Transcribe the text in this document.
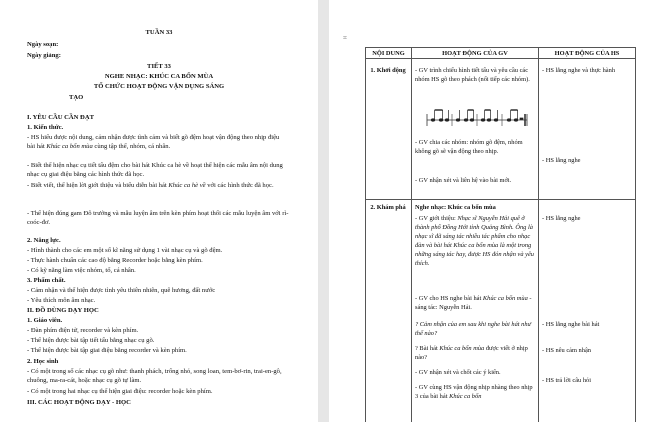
TUẦN 33
Ngày soạn:
Ngày giảng:
TIẾT 33
NGHE NHẠC: KHÚC CA BỐN MÙA
TỔ CHỨC HOẠT ĐỘNG VẬN DỤNG SÁNG
TẠO
I. YÊU CẦU CẦN ĐẠT
1. Kiến thức.
- HS hiểu được nội dung, cảm nhận được tình cảm và biết gõ đệm hoạt vận động theo nhịp điệu bài hát Khúc ca bốn mùa cùng tập thể, nhóm, cá nhân.
- Biết thể hiện nhạc cụ tiết tấu đệm cho bài hát Khúc ca hè về hoạt thể hiện các mẫu âm nội dung nhạc cụ giai điệu bằng các hình thức đã học.
- Biết viết, thể hiện lời giới thiệu và biểu diễn bài hát Khúc ca hè về với các hình thức đã học.
- Thể hiện đúng gam Đô trưởng và mẫu luyện âm trên kèn phím hoạt thổi các mẫu luyện âm với rì-coóc-đơ.
2. Năng lực.
- Hình thành cho các em một số kĩ năng sử dụng 1 vài nhạc cụ và gõ đệm.
- Thực hành chuẩn các cao độ bằng Recorder hoặc bằng kèn phím.
- Có kỹ năng làm việc nhóm, tổ, cá nhân.
3. Phẩm chất.
- Cảm nhận và thể hiện được tình yêu thiên nhiên, quê hương, đất nước
- Yêu thích môn âm nhạc.
II. ĐỒ DÙNG DẠY HỌC
1. Giáo viên.
- Đàn phím điện tử, recorder và kèn phím.
- Thể hiện được bài tập tiết tấu bằng nhạc cụ gõ.
- Thể hiện được bài tập giai điệu bằng recorder và kèn phím.
2. Học sinh
- Có một trong số các nhạc cụ gõ như: thanh phách, trống nhỏ, song loan, tem-bơ-rin, trai-en-gô, chuông, ma-ra-cát, hoặc nhạc cụ gõ tự làm.
- Có một trong hai nhạc cụ thể hiện giai điệu: recorder hoặc kèn phím.
III. CÁC HOẠT ĐỘNG DẠY - HỌC
⌗
NỘI DUNG	HOẠT ĐỘNG CỦA GV	HOẠT ĐỘNG CỦA HS
1. Khởi động - GV trình chiếu hình tiết tấu và yêu cầu các nhóm HS gõ theo phách (nối tiếp các nhóm).
- GV chia các nhóm: nhóm gõ đệm, nhóm không gõ sẽ vận động theo nhịp.
- GV nhận xét và liên hệ vào bài mới.
- HS lắng nghe và thực hành
- HS lắng nghe
2. Khám phá Nghe nhạc: Khúc ca bốn mùa
- GV giới thiệu: Nhạc sĩ Nguyễn Hải quê ở thành phố Đồng Hới tỉnh Quảng Bình. Ông là nhạc sĩ đã sáng tác nhiều tác phẩm cho nhạc đàn và bài hát Khúc ca bốn mùa là một trong những sáng tác hay, được HS đón nhận và yêu thích.
- GV cho HS nghe bài hát Khúc ca bốn mùa - sáng tác: Nguyễn Hải.
? Cảm nhận của em sau khi nghe bài hát như thế nào?
? Bài hát Khúc ca bốn mùa được viết ở nhịp nào?
- GV nhận xét và chốt các ý kiến.
- GV cùng HS vận động nhịp nhàng theo nhịp 3 của bài hát Khúc ca bốn
- HS lắng nghe
- HS lắng nghe bài hát
- HS nêu cảm nhận
- HS trả lời câu hỏi
